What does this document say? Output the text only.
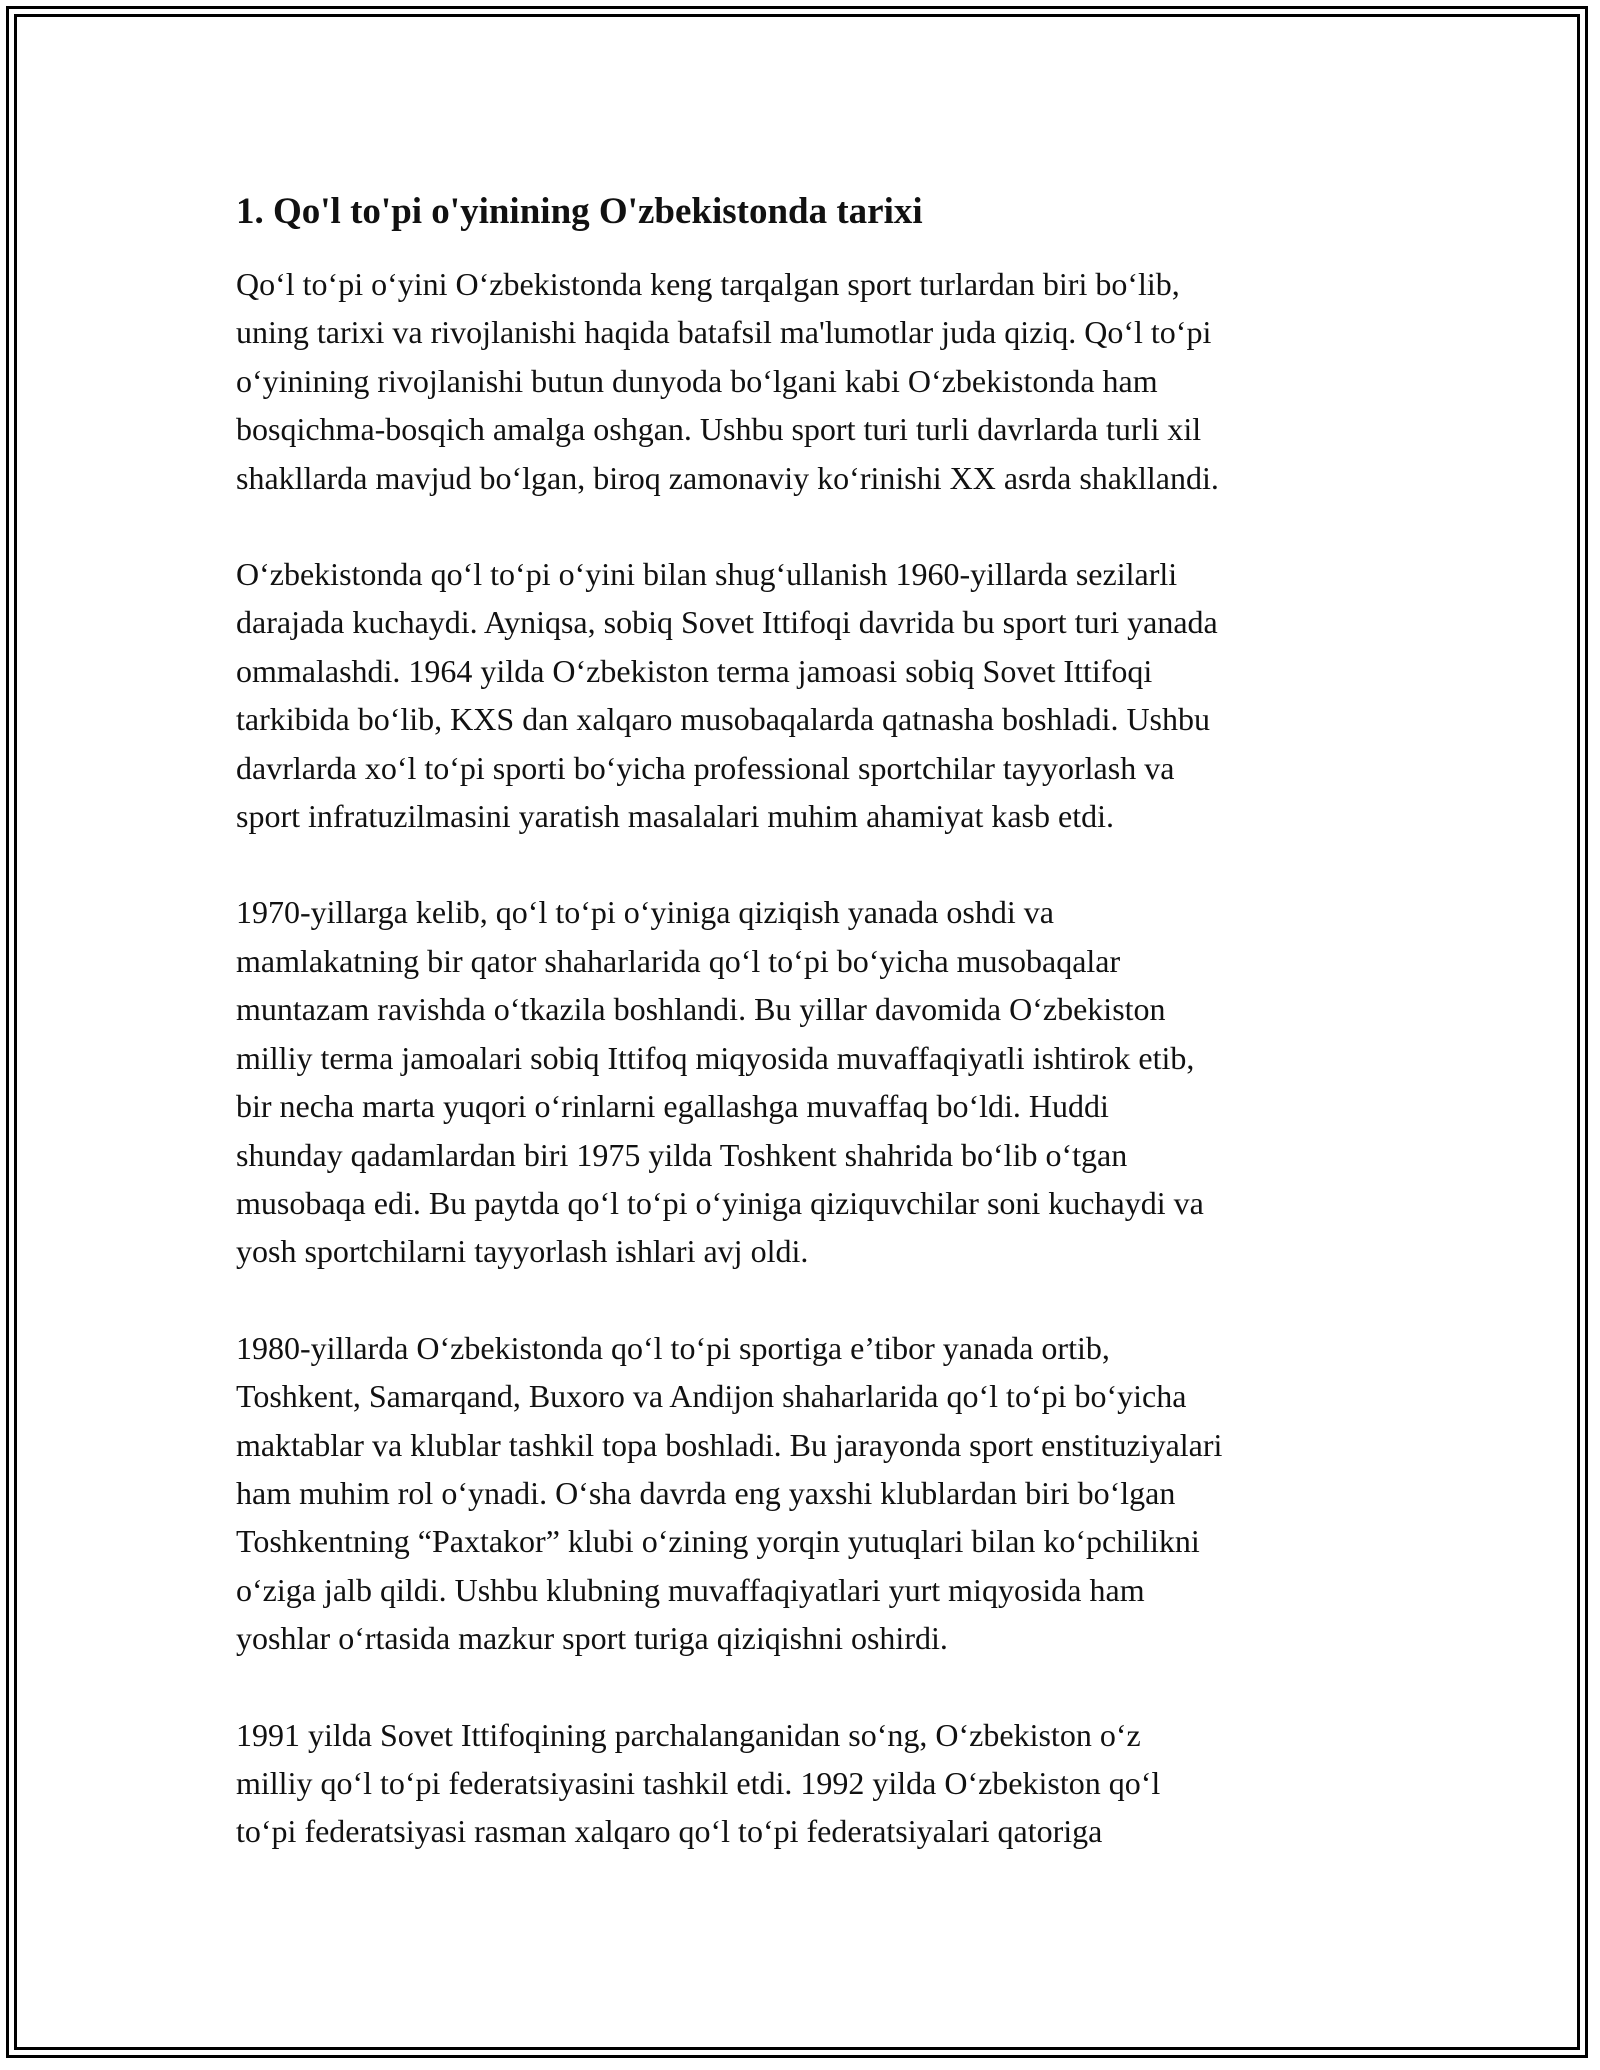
1. Qo'l to'pi o'yinining O'zbekistonda tarixi
Qoʻl toʻpi oʻyini Oʻzbekistonda keng tarqalgan sport turlardan biri boʻlib,
uning tarixi va rivojlanishi haqida batafsil ma'lumotlar juda qiziq. Qoʻl toʻpi
oʻyinining rivojlanishi butun dunyoda boʻlgani kabi Oʻzbekistonda ham
bosqichma-bosqich amalga oshgan. Ushbu sport turi turli davrlarda turli xil
shakllarda mavjud boʻlgan, biroq zamonaviy koʻrinishi XX asrda shakllandi.
Oʻzbekistonda qoʻl toʻpi oʻyini bilan shugʻullanish 1960-yillarda sezilarli
darajada kuchaydi. Ayniqsa, sobiq Sovet Ittifoqi davrida bu sport turi yanada
ommalashdi. 1964 yilda Oʻzbekiston terma jamoasi sobiq Sovet Ittifoqi
tarkibida boʻlib, KXS dan xalqaro musobaqalarda qatnasha boshladi. Ushbu
davrlarda xoʻl toʻpi sporti boʻyicha professional sportchilar tayyorlash va
sport infratuzilmasini yaratish masalalari muhim ahamiyat kasb etdi.
1970-yillarga kelib, qoʻl toʻpi oʻyiniga qiziqish yanada oshdi va
mamlakatning bir qator shaharlarida qoʻl toʻpi boʻyicha musobaqalar
muntazam ravishda oʻtkazila boshlandi. Bu yillar davomida Oʻzbekiston
milliy terma jamoalari sobiq Ittifoq miqyosida muvaffaqiyatli ishtirok etib,
bir necha marta yuqori oʻrinlarni egallashga muvaffaq boʻldi. Huddi
shunday qadamlardan biri 1975 yilda Toshkent shahrida boʻlib oʻtgan
musobaqa edi. Bu paytda qoʻl toʻpi oʻyiniga qiziquvchilar soni kuchaydi va
yosh sportchilarni tayyorlash ishlari avj oldi.
1980-yillarda Oʻzbekistonda qoʻl toʻpi sportiga e’tibor yanada ortib,
Toshkent, Samarqand, Buxoro va Andijon shaharlarida qoʻl toʻpi boʻyicha
maktablar va klublar tashkil topa boshladi. Bu jarayonda sport enstituziyalari
ham muhim rol oʻynadi. Oʻsha davrda eng yaxshi klublardan biri boʻlgan
Toshkentning “Paxtakor” klubi oʻzining yorqin yutuqlari bilan koʻpchilikni
oʻziga jalb qildi. Ushbu klubning muvaffaqiyatlari yurt miqyosida ham
yoshlar oʻrtasida mazkur sport turiga qiziqishni oshirdi.
1991 yilda Sovet Ittifoqining parchalanganidan soʻng, Oʻzbekiston oʻz
milliy qoʻl toʻpi federatsiyasini tashkil etdi. 1992 yilda Oʻzbekiston qoʻl
toʻpi federatsiyasi rasman xalqaro qoʻl toʻpi federatsiyalari qatoriga
